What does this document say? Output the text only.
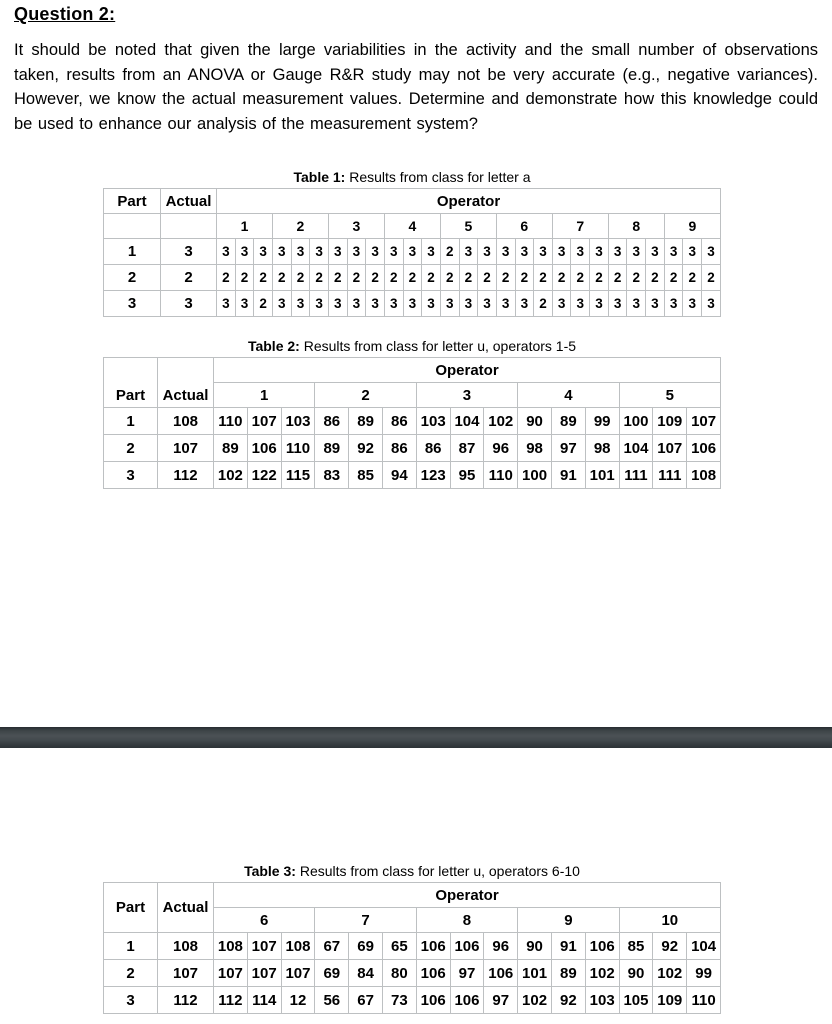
Question 2:

It should be noted that given the large variabilities in the activity and the small number of observations taken, results from an ANOVA or Gauge R&R study may not be very accurate (e.g., negative variances). However, we know the actual measurement values. Determine and demonstrate how this knowledge could be used to enhance our analysis of the measurement system?

Table 1: Results from class for letter a
Part	Actual	Operator																										
		1			2			3			4			5			6			7			8			9		
1	3	3	3	3	3	3	3	3	3	3	3	3	3	2	3	3	3	3	3	3	3	3	3	3	3	3	3	3
2	2	2	2	2	2	2	2	2	2	2	2	2	2	2	2	2	2	2	2	2	2	2	2	2	2	2	2	2
3	3	3	3	2	3	3	3	3	3	3	3	3	3	3	3	3	3	3	2	3	3	3	3	3	3	3	3	3
Table 2: Results from class for letter u, operators 1-5
Part	Actual	Operator														
		1			2			3			4			5		
1	108	110	107	103	86	89	86	103	104	102	90	89	99	100	109	107
2	107	89	106	110	89	92	86	86	87	96	98	97	98	104	107	106
3	112	102	122	115	83	85	94	123	95	110	100	91	101	111	111	108
Table 3: Results from class for letter u, operators 6-10
Part	Actual	Operator														
		6			7			8			9			10		
1	108	108	107	108	67	69	65	106	106	96	90	91	106	85	92	104
2	107	107	107	107	69	84	80	106	97	106	101	89	102	90	102	99
3	112	112	114	12	56	67	73	106	106	97	102	92	103	105	109	110
